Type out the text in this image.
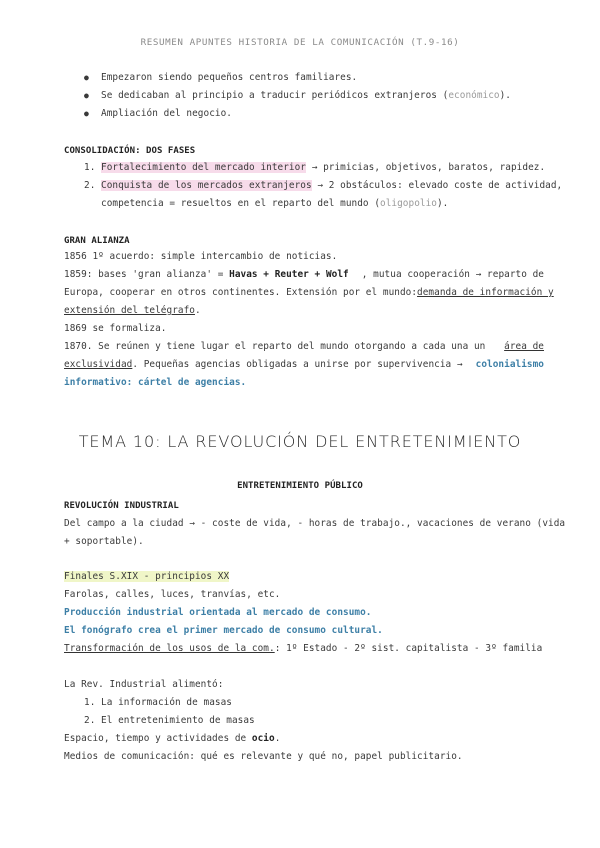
RESUMEN APUNTES HISTORIA DE LA COMUNICACIÓN (T.9-16)
● Empezaron siendo pequeños centros familiares.
● Se dedicaban al principio a traducir periódicos extranjeros (económico).
● Ampliación del negocio.
CONSOLIDACIÓN: DOS FASES
1. Fortalecimiento del mercado interior → primicias, objetivos, baratos, rapidez.
2. Conquista de los mercados extranjeros → 2 obstáculos: elevado coste de actividad,
competencia = resueltos en el reparto del mundo (oligopolio).
GRAN ALIANZA
1856 1º acuerdo: simple intercambio de noticias.
1859: bases 'gran alianza' = Havas + Reuter + Wolf , mutua cooperación → reparto de
Europa, cooperar en otros continentes. Extensión por el mundo: demanda de información y
extensión del telégrafo.
1869 se formaliza.
1870. Se reúnen y tiene lugar el reparto del mundo otorgando a cada una un área de
exclusividad. Pequeñas agencias obligadas a unirse por supervivencia → colonialismo
informativo: cártel de agencias.
TEMA 10: LA REVOLUCIÓN DEL ENTRETENIMIENTO
ENTRETENIMIENTO PÚBLICO
REVOLUCIÓN INDUSTRIAL
Del campo a la ciudad → - coste de vida, - horas de trabajo., vacaciones de verano (vida
+ soportable).
Finales S.XIX - principios XX
Farolas, calles, luces, tranvías, etc.
Producción industrial orientada al mercado de consumo.
El fonógrafo crea el primer mercado de consumo cultural.
Transformación de los usos de la com.: 1º Estado - 2º sist. capitalista - 3º familia
La Rev. Industrial alimentó:
1. La información de masas
2. El entretenimiento de masas
Espacio, tiempo y actividades de ocio.
Medios de comunicación: qué es relevante y qué no, papel publicitario.
